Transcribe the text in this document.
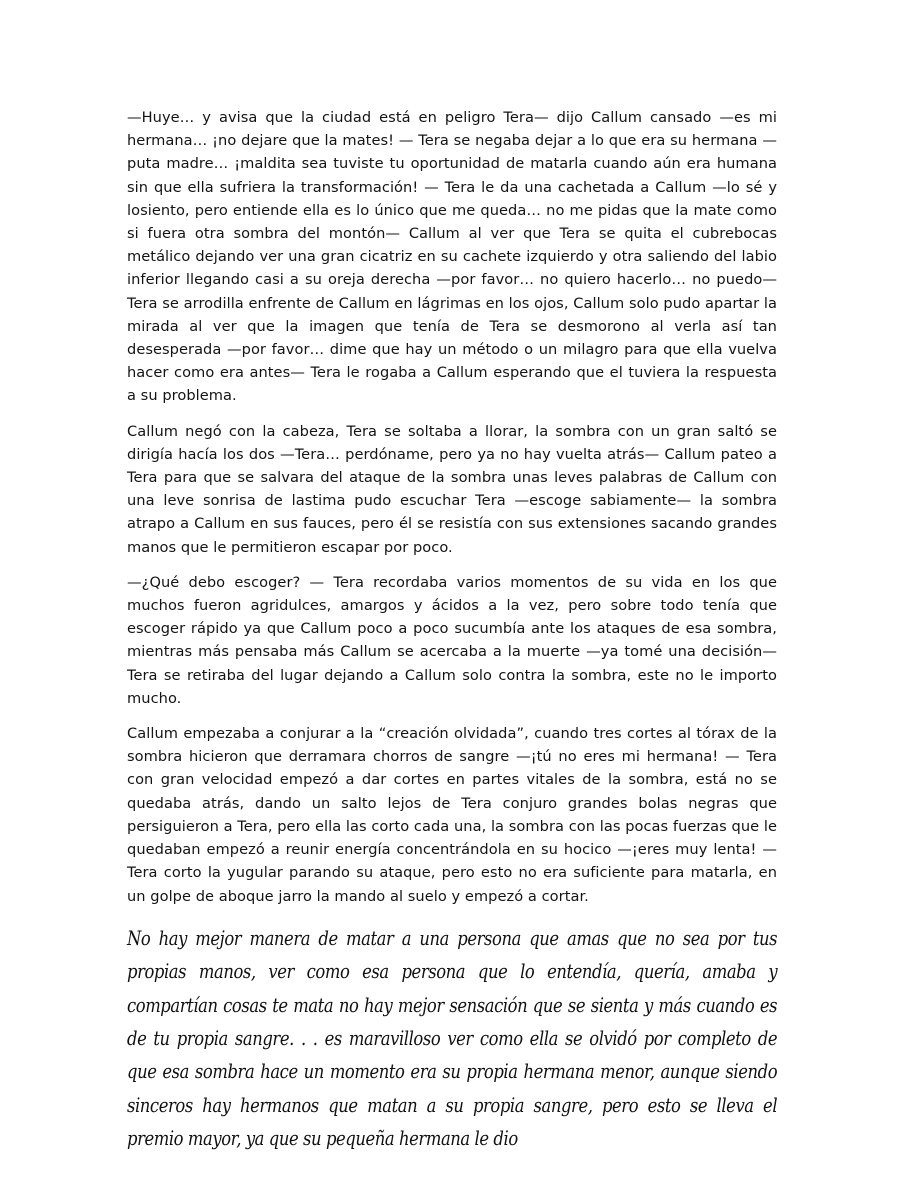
—Huye… y avisa que la ciudad está en peligro Tera— dijo Callum cansado —es mi hermana… ¡no dejare que la mates! — Tera se negaba dejar a lo que era su hermana —puta madre… ¡maldita sea tuviste tu oportunidad de matarla cuando aún era humana sin que ella sufriera la transformación! — Tera le da una cachetada a Callum —lo sé y losiento, pero entiende ella es lo único que me queda… no me pidas que la mate como si fuera otra sombra del montón— Callum al ver que Tera se quita el cubrebocas metálico dejando ver una gran cicatriz en su cachete izquierdo y otra saliendo del labio inferior llegando casi a su oreja derecha —por favor… no quiero hacerlo… no puedo— Tera se arrodilla enfrente de Callum en lágrimas en los ojos, Callum solo pudo apartar la mirada al ver que la imagen que tenía de Tera se desmorono al verla así tan desesperada —por favor… dime que hay un método o un milagro para que ella vuelva hacer como era antes— Tera le rogaba a Callum esperando que el tuviera la respuesta a su problema.

Callum negó con la cabeza, Tera se soltaba a llorar, la sombra con un gran saltó se dirigía hacía los dos —Tera… perdóname, pero ya no hay vuelta atrás— Callum pateo a Tera para que se salvara del ataque de la sombra unas leves palabras de Callum con una leve sonrisa de lastima pudo escuchar Tera —escoge sabiamente— la sombra atrapo a Callum en sus fauces, pero él se resistía con sus extensiones sacando grandes manos que le permitieron escapar por poco.

—¿Qué debo escoger? — Tera recordaba varios momentos de su vida en los que muchos fueron agridulces, amargos y ácidos a la vez, pero sobre todo tenía que escoger rápido ya que Callum poco a poco sucumbía ante los ataques de esa sombra, mientras más pensaba más Callum se acercaba a la muerte —ya tomé una decisión— Tera se retiraba del lugar dejando a Callum solo contra la sombra, este no le importo mucho.

Callum empezaba a conjurar a la “creación olvidada”, cuando tres cortes al tórax de la sombra hicieron que derramara chorros de sangre —¡tú no eres mi hermana! — Tera con gran velocidad empezó a dar cortes en partes vitales de la sombra, está no se quedaba atrás, dando un salto lejos de Tera conjuro grandes bolas negras que persiguieron a Tera, pero ella las corto cada una, la sombra con las pocas fuerzas que le quedaban empezó a reunir energía concentrándola en su hocico —¡eres muy lenta! — Tera corto la yugular parando su ataque, pero esto no era suficiente para matarla, en un golpe de aboque jarro la mando al suelo y empezó a cortar.

No hay mejor manera de matar a una persona que amas que no sea por tus propias manos, ver como esa persona que lo entendía, quería, amaba y compartían cosas te mata no hay mejor sensación que se sienta y más cuando es de tu propia sangre. . . es maravilloso ver como ella se olvidó por completo de que esa sombra hace un momento era su propia hermana menor, aunque siendo sinceros hay hermanos que matan a su propia sangre, pero esto se lleva el premio mayor, ya que su pequeña hermana le dio
